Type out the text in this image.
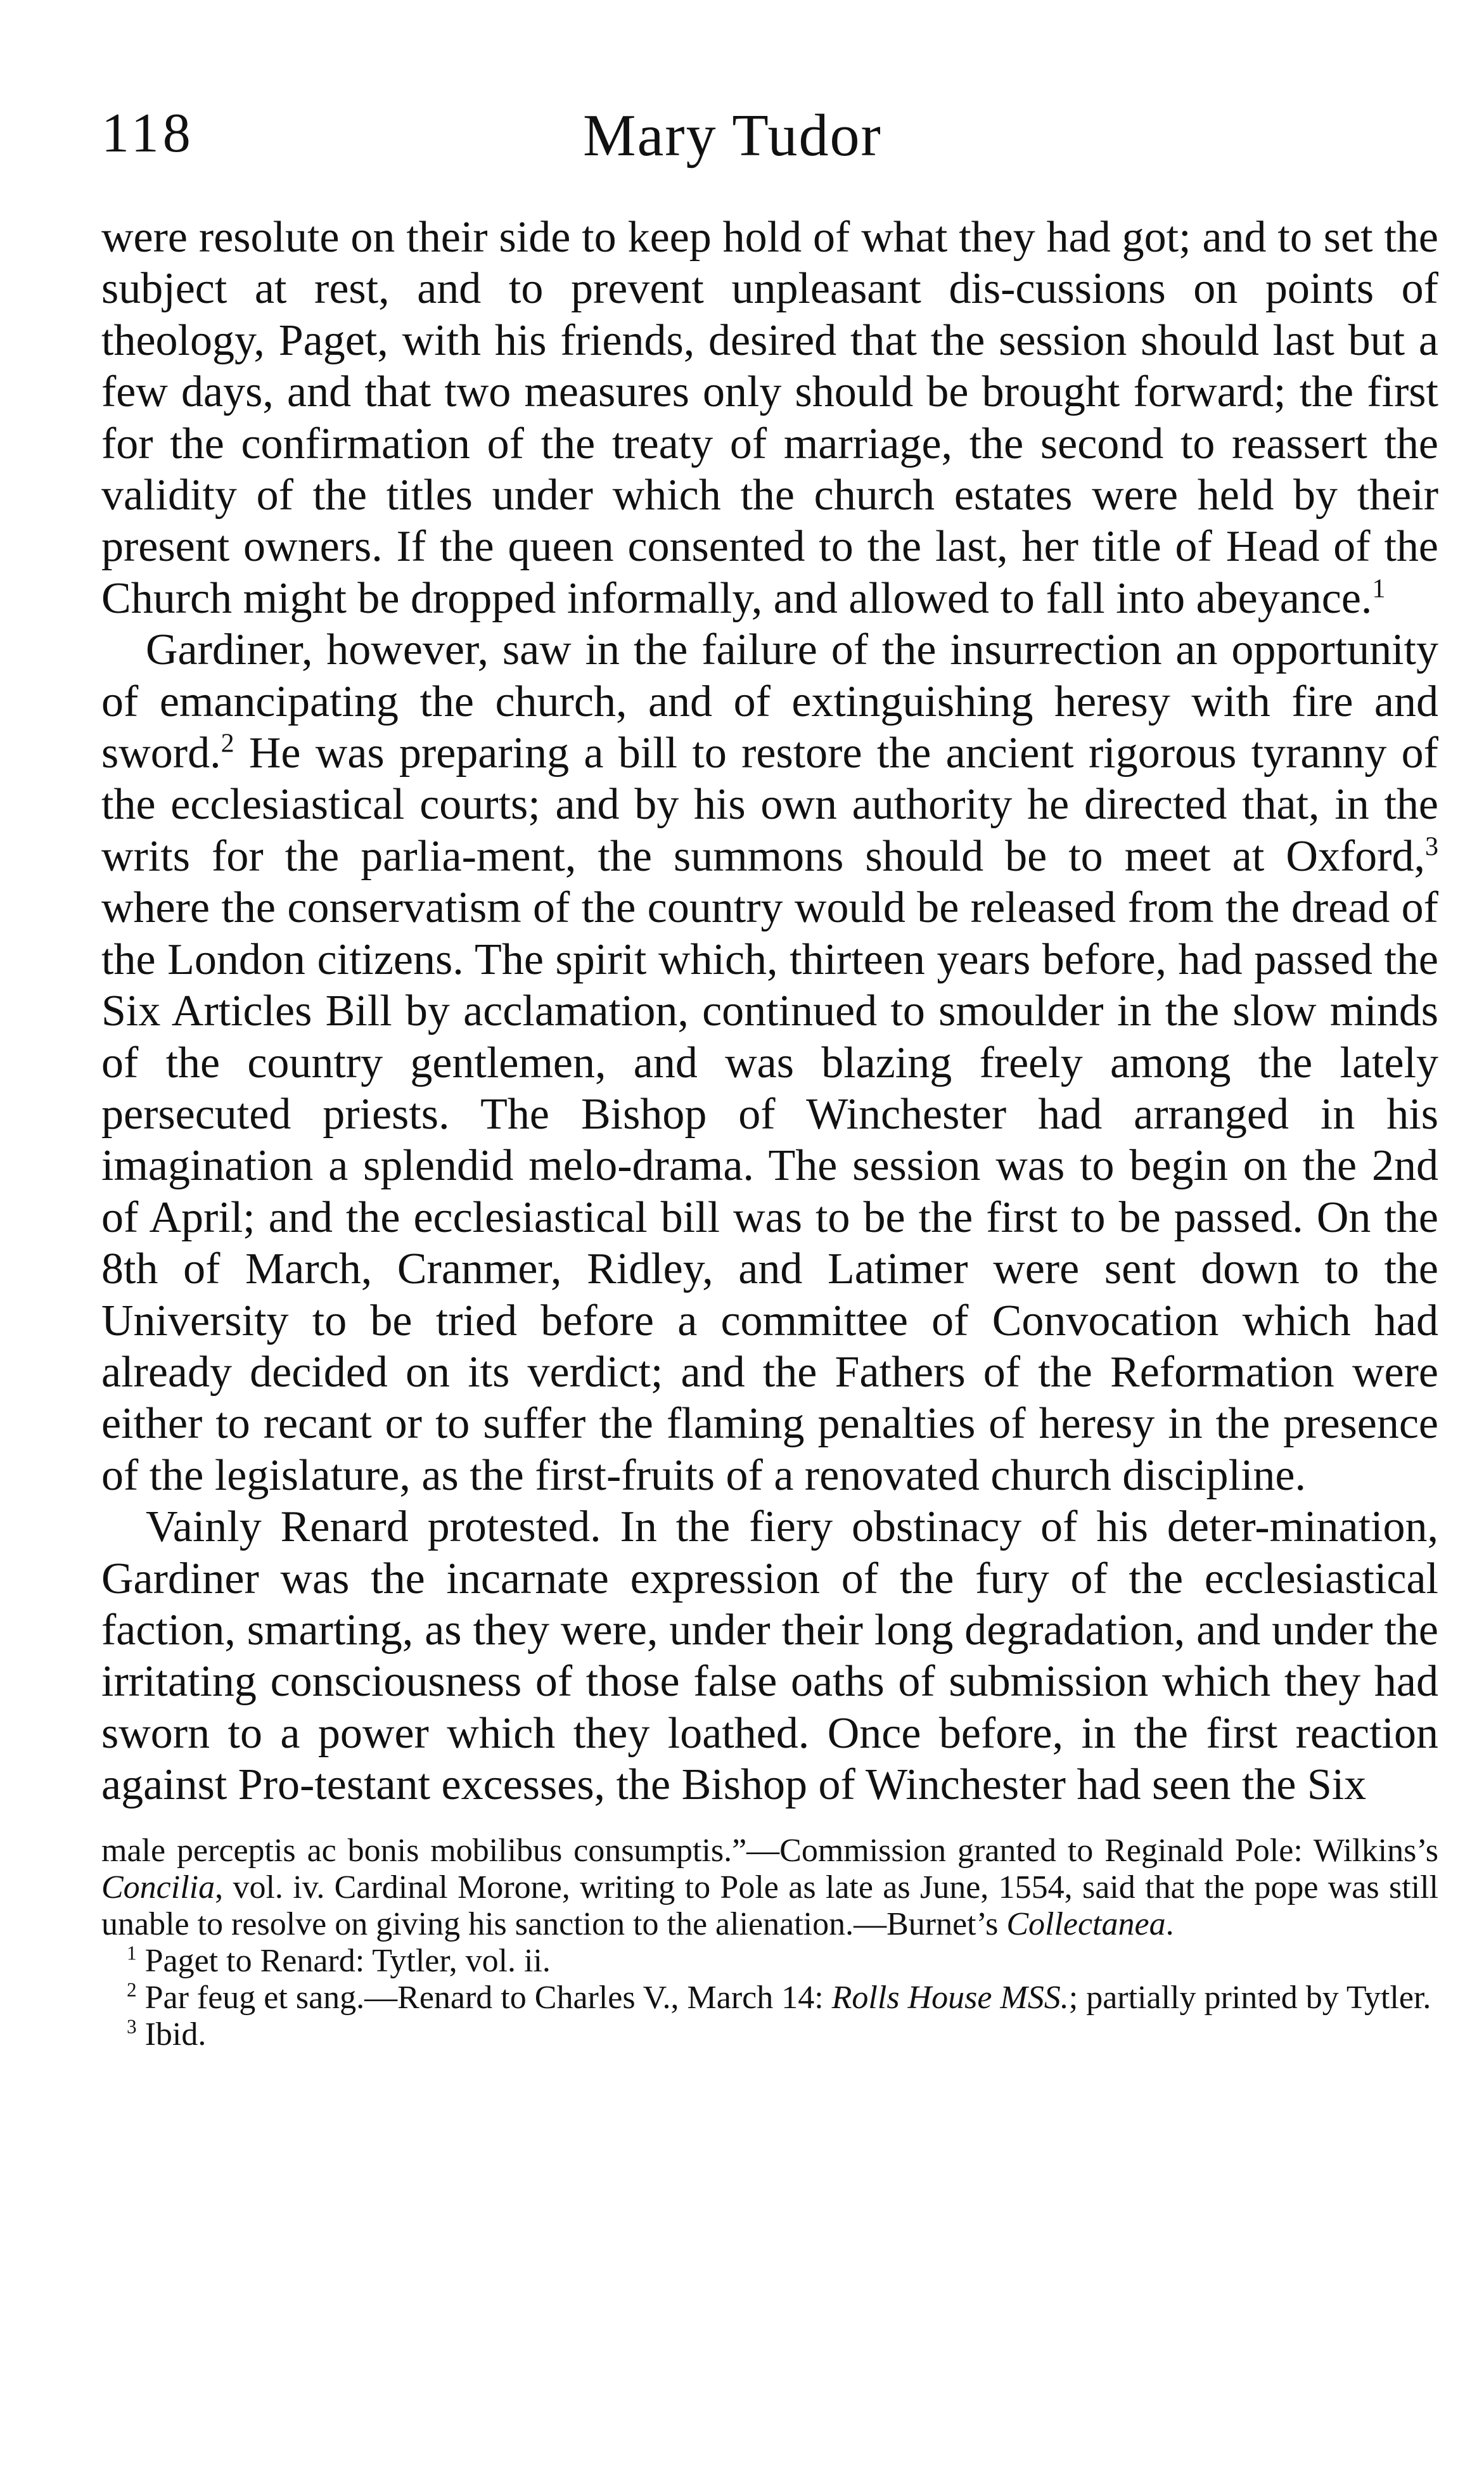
118	Mary Tudor

were resolute on their side to keep hold of what they had got; and to set the subject at rest, and to prevent unpleasant dis-cussions on points of theology, Paget, with his friends, desired that the session should last but a few days, and that two measures only should be brought forward; the first for the confirmation of the treaty of marriage, the second to reassert the validity of the titles under which the church estates were held by their present owners. If the queen consented to the last, her title of Head of the Church might be dropped informally, and allowed to fall into abeyance.$^1$

Gardiner, however, saw in the failure of the insurrection an opportunity of emancipating the church, and of extinguishing heresy with fire and sword.$^2$ He was preparing a bill to restore the ancient rigorous tyranny of the ecclesiastical courts; and by his own authority he directed that, in the writs for the parlia-ment, the summons should be to meet at Oxford,$^3$ where the conservatism of the country would be released from the dread of the London citizens. The spirit which, thirteen years before, had passed the Six Articles Bill by acclamation, continued to smoulder in the slow minds of the country gentlemen, and was blazing freely among the lately persecuted priests. The Bishop of Winchester had arranged in his imagination a splendid melo-drama. The session was to begin on the 2nd of April; and the ecclesiastical bill was to be the first to be passed. On the 8th of March, Cranmer, Ridley, and Latimer were sent down to the University to be tried before a committee of Convocation which had already decided on its verdict; and the Fathers of the Reformation were either to recant or to suffer the flaming penalties of heresy in the presence of the legislature, as the first-fruits of a renovated church discipline.

Vainly Renard protested. In the fiery obstinacy of his deter-mination, Gardiner was the incarnate expression of the fury of the ecclesiastical faction, smarting, as they were, under their long degradation, and under the irritating consciousness of those false oaths of submission which they had sworn to a power which they loathed. Once before, in the first reaction against Pro-testant excesses, the Bishop of Winchester had seen the Six

male perceptis ac bonis mobilibus consumptis.”—Commission granted to Reginald Pole: Wilkins’s Concilia, vol. iv. Cardinal Morone, writing to Pole as late as June, 1554, said that the pope was still unable to resolve on giving his sanction to the alienation.—Burnet’s Collectanea.

$^1$ Paget to Renard: Tytler, vol. ii.

$^2$ Par feug et sang.—Renard to Charles V., March 14: Rolls House MSS.; partially printed by Tytler.

$^3$ Ibid.
